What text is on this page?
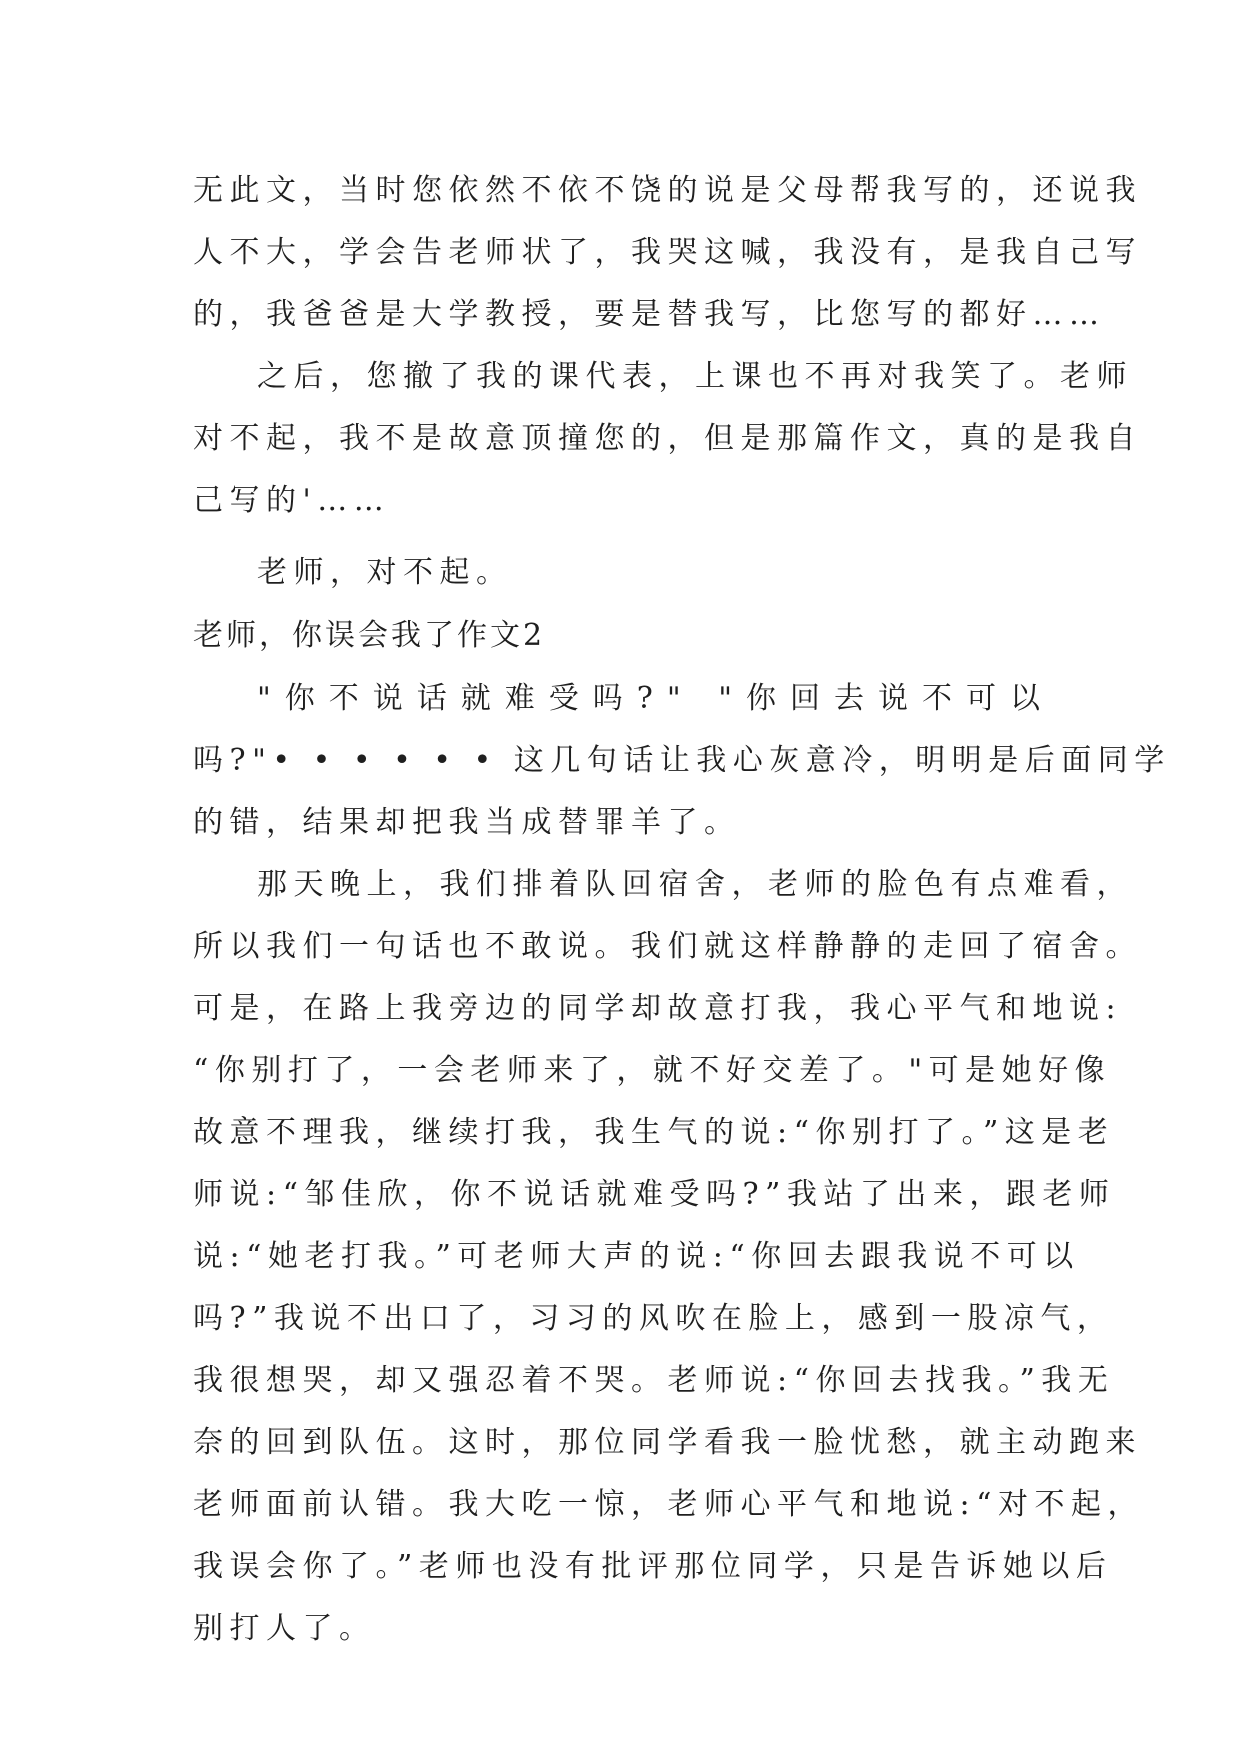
无此文，当时您依然不依不饶的说是父母帮我写的，还说我
人不大，学会告老师状了，我哭这喊，我没有，是我自己写
的，我爸爸是大学教授，要是替我写，比您写的都好……
之后，您撤了我的课代表，上课也不再对我笑了。老师
对不起，我不是故意顶撞您的，但是那篇作文，真的是我自
己写的'……
老师，对不起。
老师，你误会我了作文2
"你不说话就难受吗?" "你回去说不可以
吗?"• • • • • • 这几句话让我心灰意冷，明明是后面同学
的错，结果却把我当成替罪羊了。
那天晚上，我们排着队回宿舍，老师的脸色有点难看，
所以我们一句话也不敢说。我们就这样静静的走回了宿舍。
可是，在路上我旁边的同学却故意打我，我心平气和地说:
“你别打了，一会老师来了，就不好交差了。"可是她好像
故意不理我，继续打我，我生气的说:“你别打了。”这是老
师说:“邹佳欣，你不说话就难受吗?”我站了出来，跟老师
说:“她老打我。”可老师大声的说:“你回去跟我说不可以
吗?”我说不出口了，习习的风吹在脸上，感到一股凉气，
我很想哭，却又强忍着不哭。老师说:“你回去找我。”我无
奈的回到队伍。这时，那位同学看我一脸忧愁，就主动跑来
老师面前认错。我大吃一惊，老师心平气和地说:“对不起，
我误会你了。”老师也没有批评那位同学，只是告诉她以后
别打人了。
